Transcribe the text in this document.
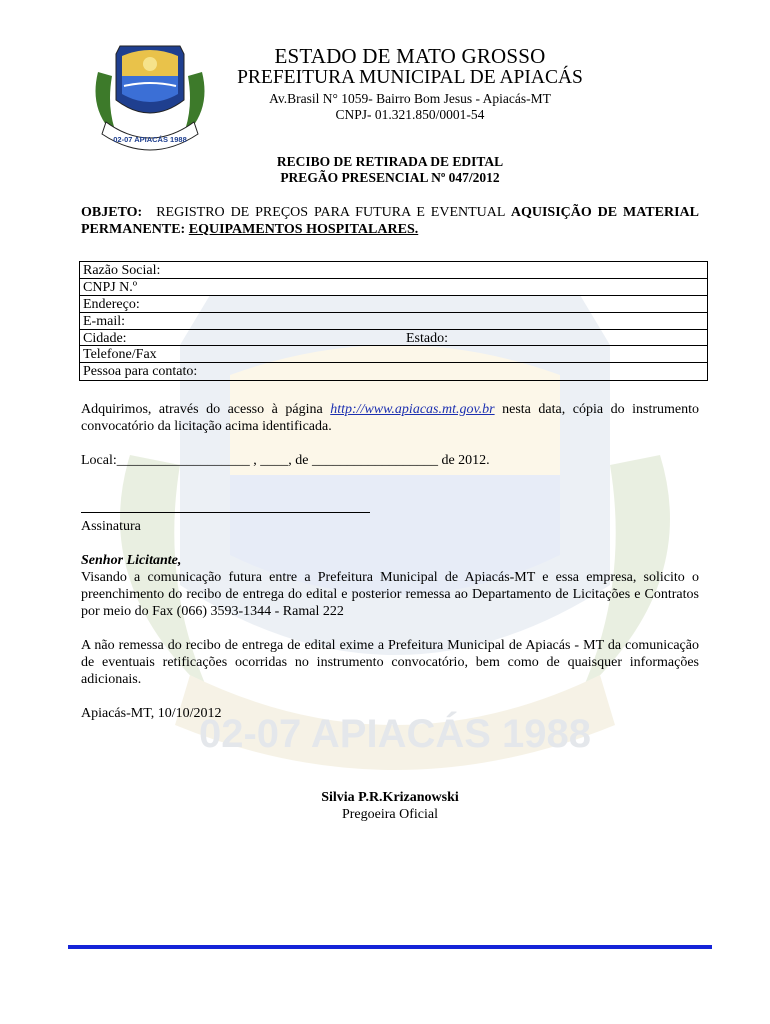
02-07 APIACÁS 1988
02-07 APIACÁS 1988
ESTADO DE MATO GROSSO
PREFEITURA MUNICIPAL DE APIACÁS
Av.Brasil N° 1059- Bairro Bom Jesus - Apiacás-MT
CNPJ- 01.321.850/0001-54
RECIBO DE RETIRADA DE EDITAL
PREGÃO PRESENCIAL Nº 047/2012
OBJETO: REGISTRO DE PREÇOS PARA FUTURA E EVENTUAL AQUISIÇÃO DE MATERIAL PERMANENTE: EQUIPAMENTOS HOSPITALARES.
Razão Social:
CNPJ N.º
Endereço:
E-mail:
Cidade:	Estado:
Telefone/Fax
Pessoa para contato:
Adquirimos, através do acesso à página http://www.apiacas.mt.gov.br nesta data, cópia do instrumento convocatório da licitação acima identificada.
Local:___________________ , ____, de __________________ de 2012.
Assinatura
Senhor Licitante,
Visando a comunicação futura entre a Prefeitura Municipal de Apiacás-MT e essa empresa, solicito o preenchimento do recibo de entrega do edital e posterior remessa ao Departamento de Licitações e Contratos por meio do Fax (066) 3593-1344 - Ramal 222
A não remessa do recibo de entrega de edital exime a Prefeitura Municipal de Apiacás - MT da comunicação de eventuais retificações ocorridas no instrumento convocatório, bem como de quaisquer informações adicionais.
Apiacás-MT, 10/10/2012
Silvia P.R.Krizanowski
Pregoeira Oficial
